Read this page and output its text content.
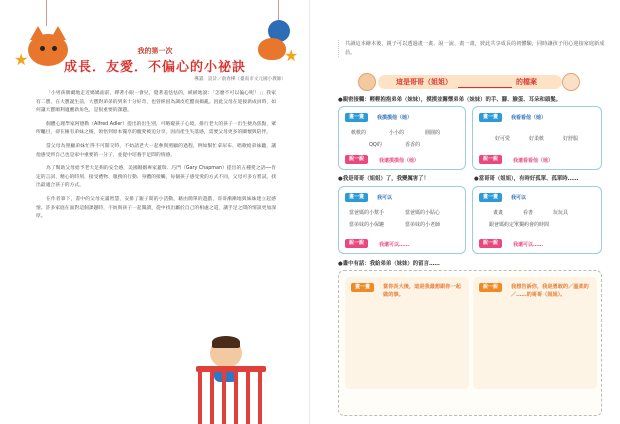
★	★
我的第一次
成長．友愛．不偏心的小祕訣
導讀．設計／俞春樺（臺南市文元國小教師）

「小男孩偶爾地走近媽媽面前，睜著小眼一會兒，覺著羞怯怯的，緩緩地說：「怎麼不可以偏心呢！」」我家有二寶，在大寶誕生前，大寶對弟弟的到來十分好奇，也曾經因為調皮吃醋而搗亂。因此父母在迎接新成員時，如何讓大寶順利適應新角色，是很重要的課題。

個體心理學家阿德勒（Alfred Adler）提出的出生別，可略窺孩子心境。排行老大的孩子一出生便為焦點，眾所矚目，卻在擁有弟妹之後，領悟到原本獨享的寵愛被迫分享，因而產生失落感，需要父母更多的關懷與陪伴。

當父母為照顧弟妹忙得不可開交時，不妨請老大一起參與照顧的過程，例如幫忙拿尿布、唱歌給弟妹聽，讓他感受到自己也是家中重要的一分子，並從中培養手足間的情感。

為了幫助父母給予老大足夠的安全感，美國婚姻專家蓋瑞．巧門（Gary Chapman）提出的五種愛之語──肯定的言詞、精心的時刻、接受禮物、服務的行動、身體的接觸，每個孩子感受愛的方式不同，父母可多方嘗試，找出最適合孩子的方式。

在作者筆下，書中的父母充滿智慧，安排了親子間的小活動，藉由簡單的遊戲，哥哥漸漸地與妹妹建立起感情。許多家庭在面對這個課題時，不妨與孩子一起閱讀，從中找出屬於自己的相處之道，讓手足之間的情誼更加深厚。

共讀這本繪本後，親子可以透過畫一畫、說一說、畫一畫，彼此共享成長的初體驗，同時讓孩子用心迎接家庭新成員。
這是哥哥（姐姐）	的檔案
●親密接觸：輕輕抱抱弟弟（妹妹），摸摸並關懷弟弟（妹妹）的手、腳、臉蛋、耳朵和頭髮。
畫一畫	我摸摸他（她）
軟軟的	小小的	圓圓的
QQ的	香香的
說一說	我還摸摸他（她）
畫一畫	我看看他（她）
好可愛	好柔軟	好舒服
說一說	我還看看他（她）
●我是哥哥（姐姐）了，我變厲害了！	●當哥哥（姐姐），有時好孤單、孤單時……
畫一畫	我可以
當爸媽的小幫手	當爸媽的小貼心
當弟妹的小保鑣	當弟妹的小老師
說一說	我還可以……
畫一畫	我可以
畫畫	看書	玩玩具
跟爸媽約定單獨約會的時間
說一說	我還可以……
●畫中有話：我給弟弟（妹妹）的留言……
畫一畫	當你長大後，這是我最想跟你一起做的事。
說一說	我想告訴你，我是勇敢的／溫柔的／……的哥哥（姐姐）。
